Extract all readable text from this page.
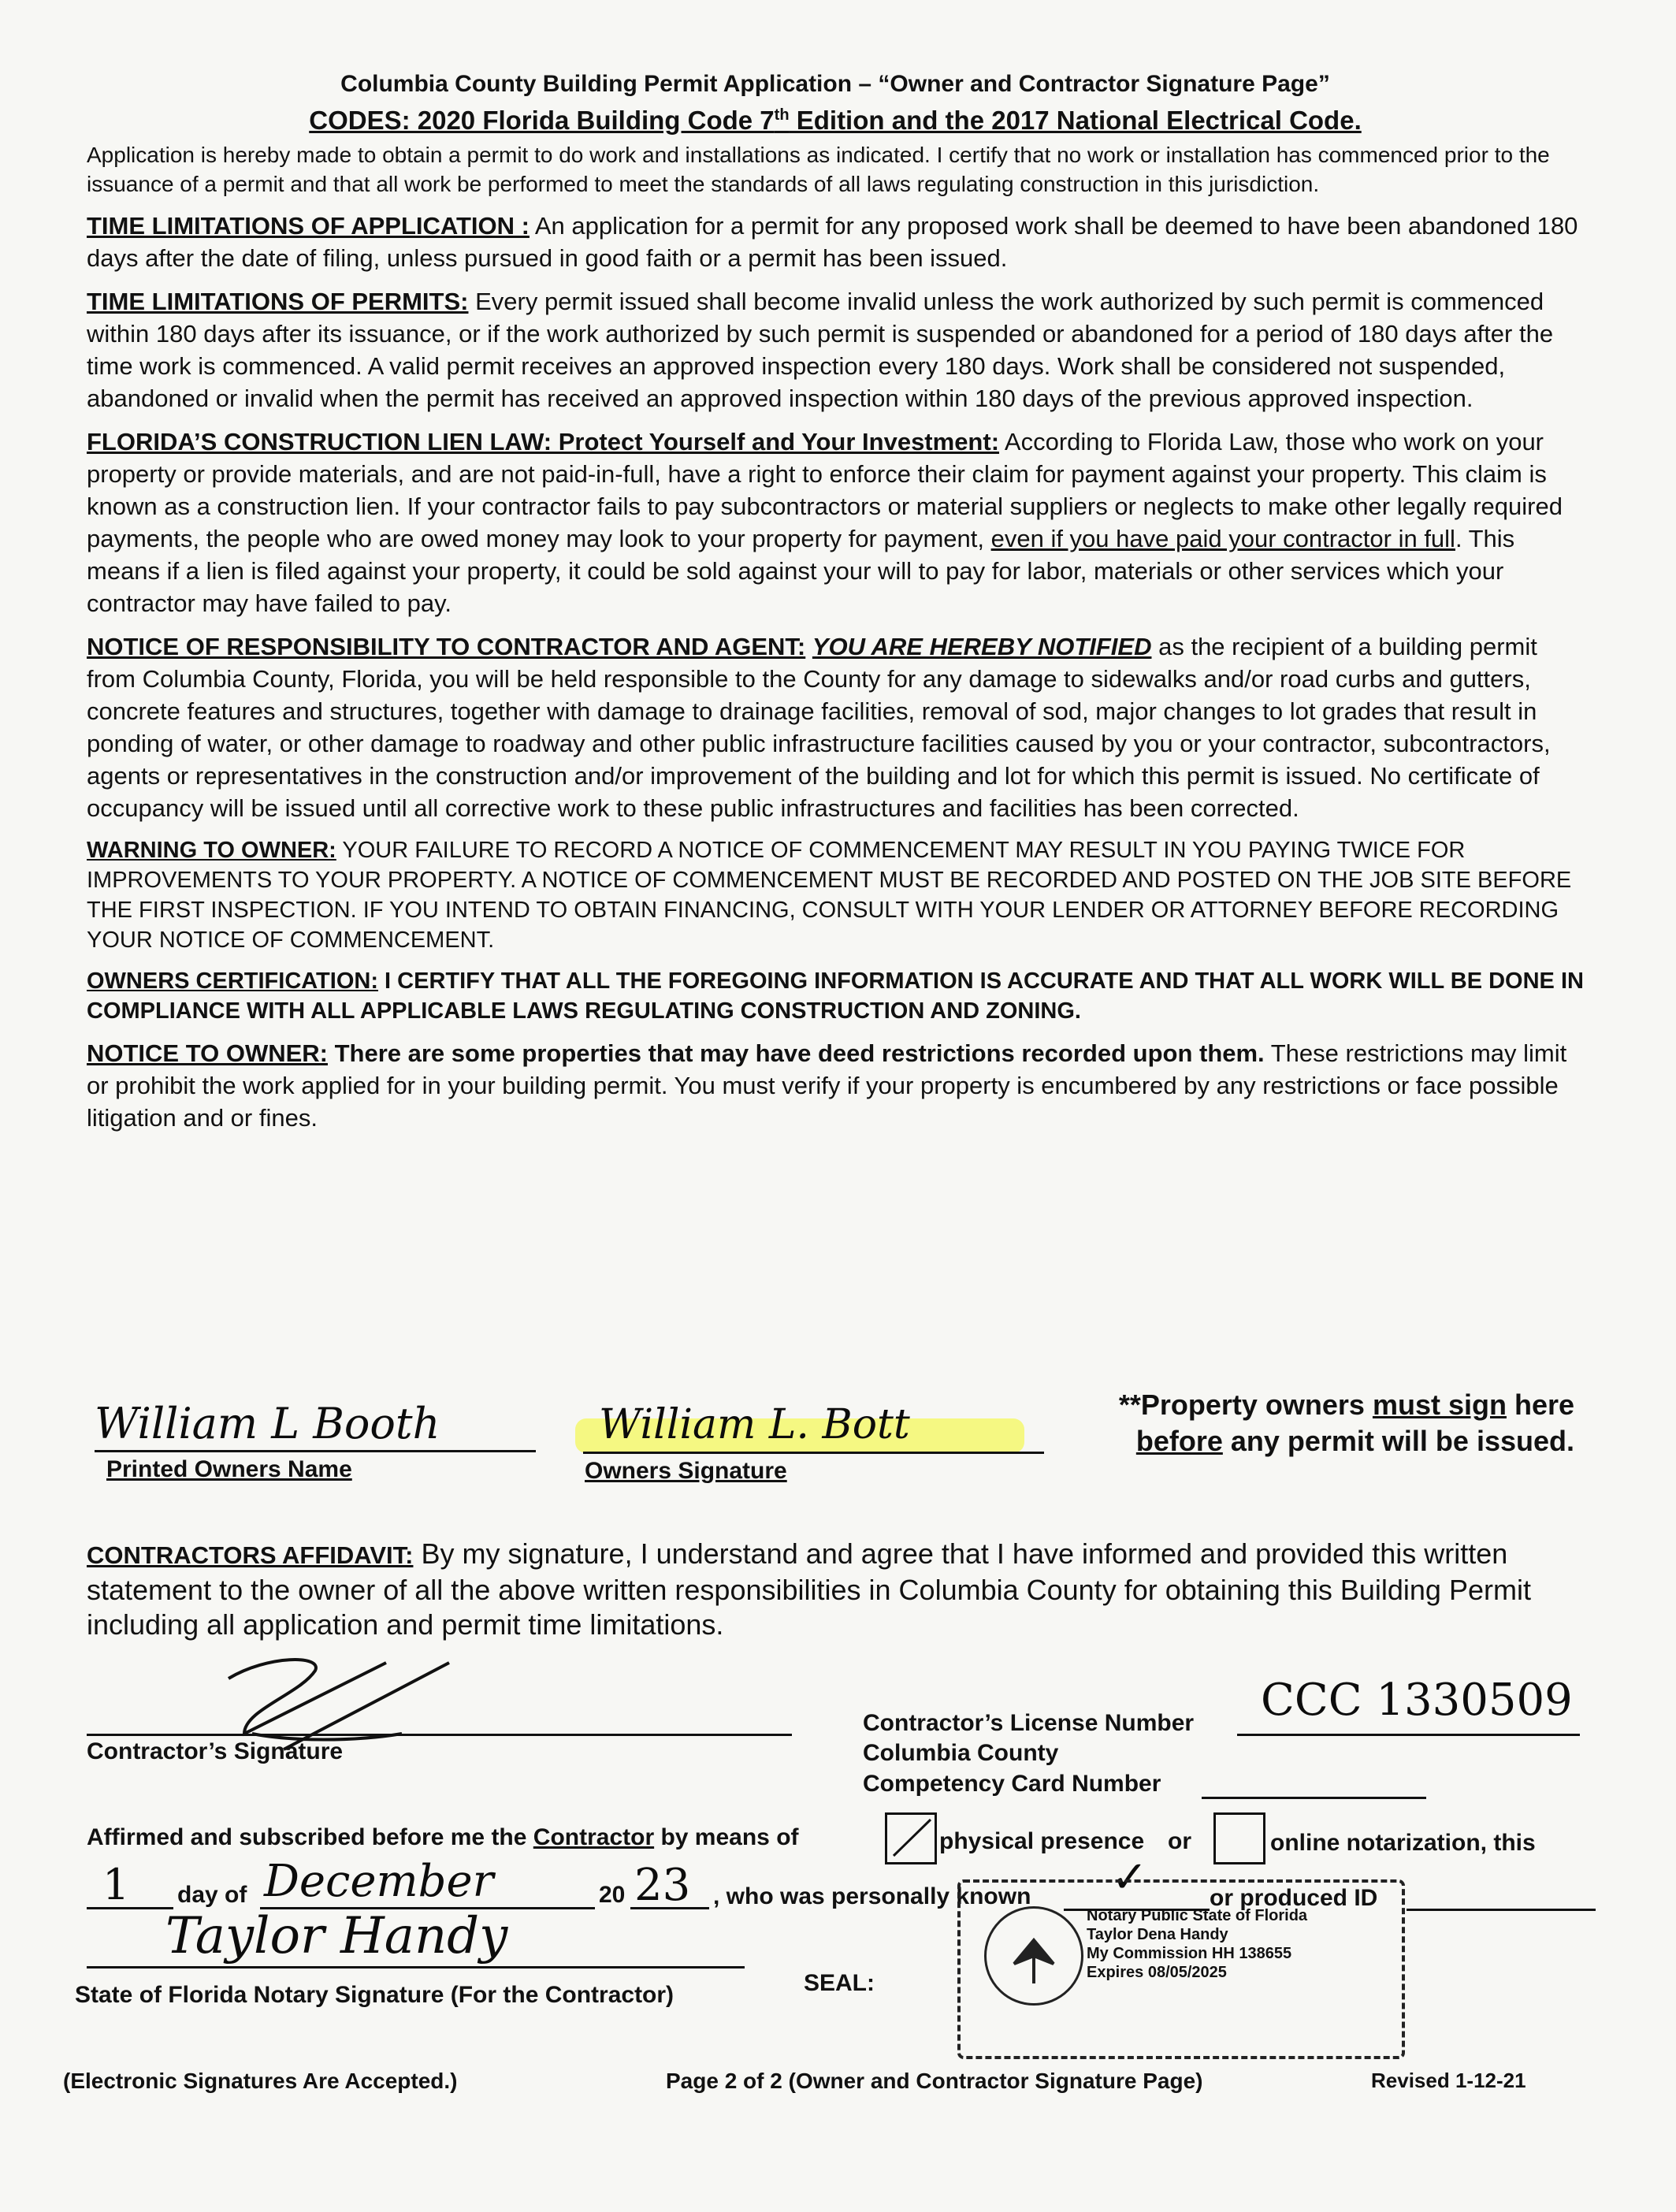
Columbia County Building Permit Application – “Owner and Contractor Signature Page”
CODES: 2020 Florida Building Code 7th Edition and the 2017 National Electrical Code.

Application is hereby made to obtain a permit to do work and installations as indicated. I certify that no work or installation has commenced prior to the issuance of a permit and that all work be performed to meet the standards of all laws regulating construction in this jurisdiction.

TIME LIMITATIONS OF APPLICATION : An application for a permit for any proposed work shall be deemed to have been abandoned 180 days after the date of filing, unless pursued in good faith or a permit has been issued.

TIME LIMITATIONS OF PERMITS: Every permit issued shall become invalid unless the work authorized by such permit is commenced within 180 days after its issuance, or if the work authorized by such permit is suspended or abandoned for a period of 180 days after the time work is commenced. A valid permit receives an approved inspection every 180 days. Work shall be considered not suspended, abandoned or invalid when the permit has received an approved inspection within 180 days of the previous approved inspection.

FLORIDA’S CONSTRUCTION LIEN LAW: Protect Yourself and Your Investment: According to Florida Law, those who work on your property or provide materials, and are not paid-in-full, have a right to enforce their claim for payment against your property. This claim is known as a construction lien. If your contractor fails to pay subcontractors or material suppliers or neglects to make other legally required payments, the people who are owed money may look to your property for payment, even if you have paid your contractor in full. This means if a lien is filed against your property, it could be sold against your will to pay for labor, materials or other services which your contractor may have failed to pay.

NOTICE OF RESPONSIBILITY TO CONTRACTOR AND AGENT: YOU ARE HEREBY NOTIFIED as the recipient of a building permit from Columbia County, Florida, you will be held responsible to the County for any damage to sidewalks and/or road curbs and gutters, concrete features and structures, together with damage to drainage facilities, removal of sod, major changes to lot grades that result in ponding of water, or other damage to roadway and other public infrastructure facilities caused by you or your contractor, subcontractors, agents or representatives in the construction and/or improvement of the building and lot for which this permit is issued. No certificate of occupancy will be issued until all corrective work to these public infrastructures and facilities has been corrected.

WARNING TO OWNER: YOUR FAILURE TO RECORD A NOTICE OF COMMENCEMENT MAY RESULT IN YOU PAYING TWICE FOR IMPROVEMENTS TO YOUR PROPERTY. A NOTICE OF COMMENCEMENT MUST BE RECORDED AND POSTED ON THE JOB SITE BEFORE THE FIRST INSPECTION. IF YOU INTEND TO OBTAIN FINANCING, CONSULT WITH YOUR LENDER OR ATTORNEY BEFORE RECORDING YOUR NOTICE OF COMMENCEMENT.

OWNERS CERTIFICATION: I CERTIFY THAT ALL THE FOREGOING INFORMATION IS ACCURATE AND THAT ALL WORK WILL BE DONE IN COMPLIANCE WITH ALL APPLICABLE LAWS REGULATING CONSTRUCTION AND ZONING.

NOTICE TO OWNER: There are some properties that may have deed restrictions recorded upon them. These restrictions may limit or prohibit the work applied for in your building permit. You must verify if your property is encumbered by any restrictions or face possible litigation and or fines.

William L Booth
Printed Owners Name
William L. Bott
Owners Signature
**Property owners must sign here
before any permit will be issued.

CONTRACTORS AFFIDAVIT: By my signature, I understand and agree that I have informed and provided this written statement to the owner of all the above written responsibilities in Columbia County for obtaining this Building Permit including all application and permit time limitations.

Contractor’s Signature
Contractor’s License Number CCC 1330509
Columbia County
Competency Card Number
Affirmed and subscribed before me the Contractor by means of	physical presence or	online notarization, this
1 day of December	20 23 , who was personally known ✓	or produced ID
Taylor Handy
State of Florida Notary Signature (For the Contractor)	SEAL:
Notary Public State of Florida
Taylor Dena Handy
My Commission HH 138655
Expires 08/05/2025
(Electronic Signatures Are Accepted.)	Page 2 of 2 (Owner and Contractor Signature Page)	Revised 1-12-21
